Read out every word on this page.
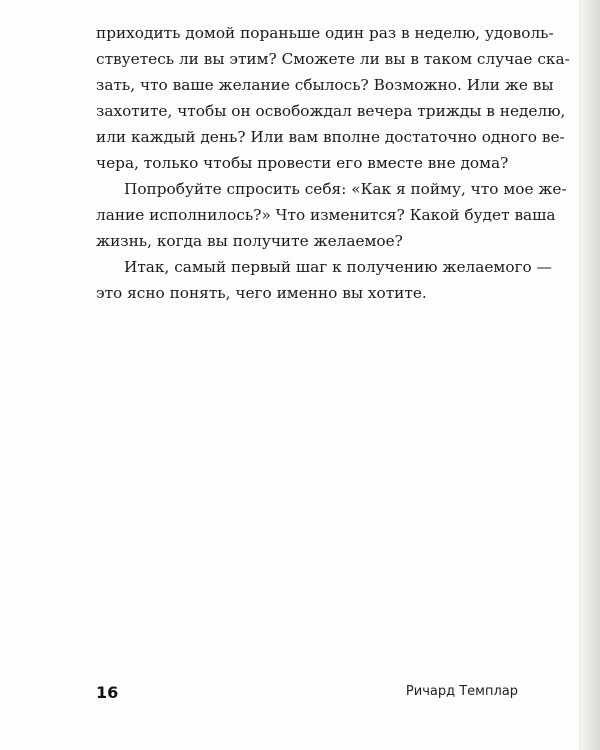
приходить домой пораньше один раз в неделю, удоволь-
ствуетесь ли вы этим? Сможете ли вы в таком случае ска-
зать, что ваше желание сбылось? Возможно. Или же вы
захотите, чтобы он освобождал вечера трижды в неделю,
или каждый день? Или вам вполне достаточно одного ве-
чера, только чтобы провести его вместе вне дома?
Попробуйте спросить себя: «Как я пойму, что мое же-
лание исполнилось?» Что изменится? Какой будет ваша
жизнь, когда вы получите желаемое?
Итак, самый первый шаг к получению желаемого —
это ясно понять, чего именно вы хотите.
16	Ричард Темплар
